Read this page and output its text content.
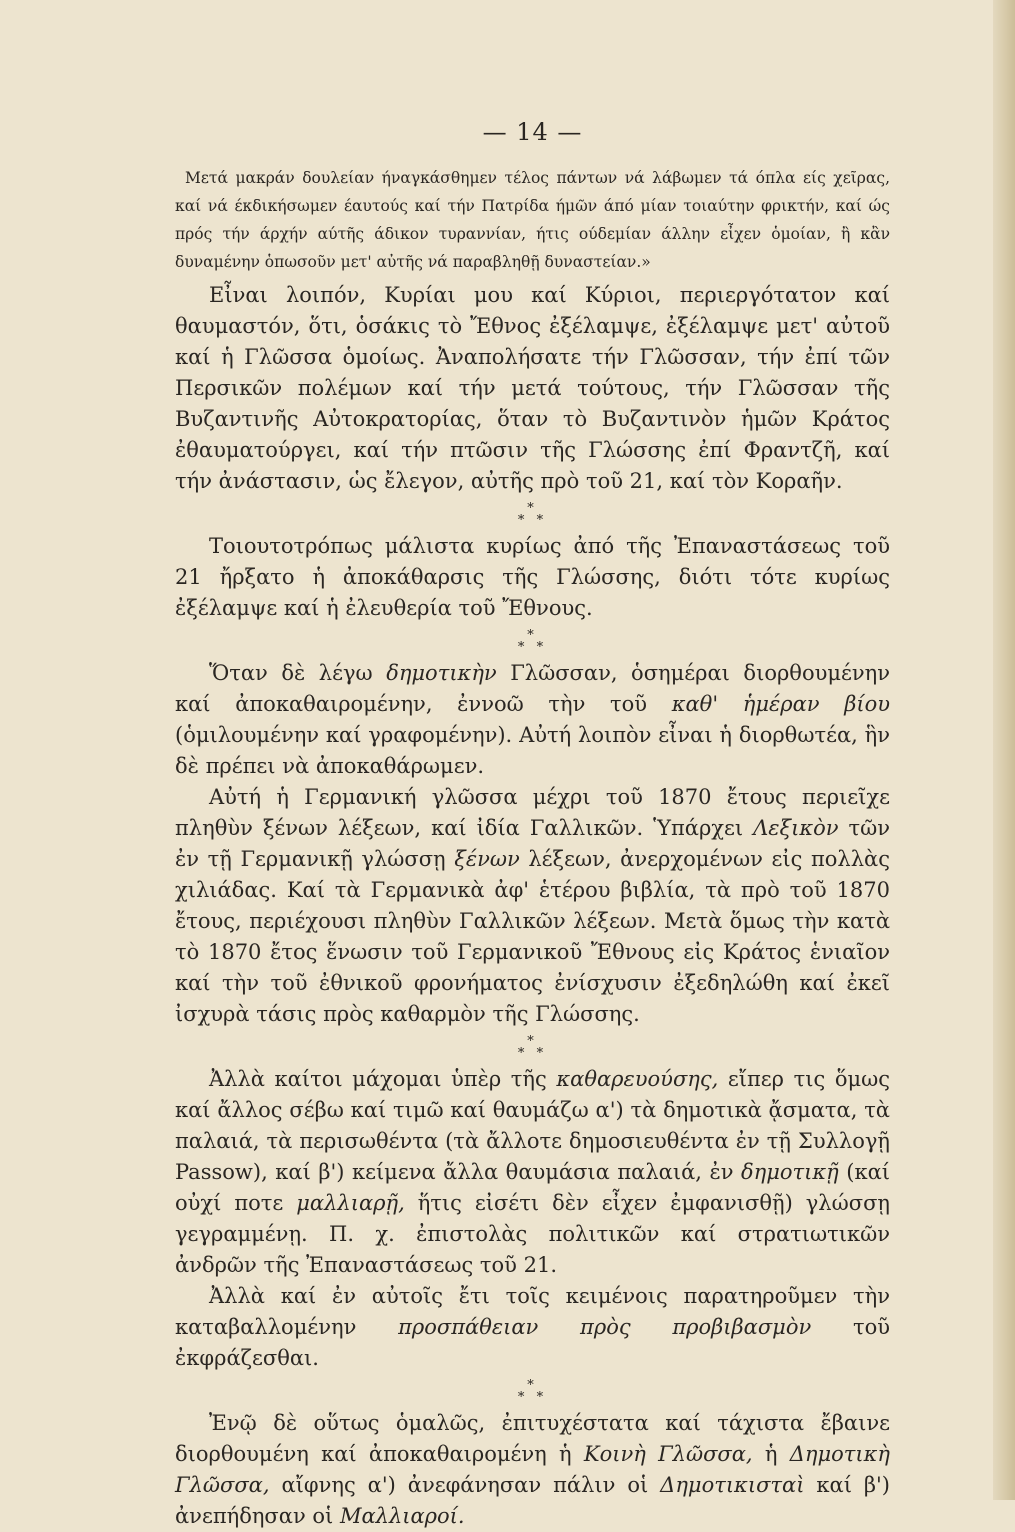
— 14 —

Μετά μακράν δουλείαν ήναγκάσθημεν τέλος πάντων νά λάβωμεν τά όπλα είς χεῖρας, καί νά έκδικήσωμεν έαυτούς καί τήν Πατρίδα ήμῶν άπό μίαν τοιαύτην φρικτήν, καί ώς πρός τήν άρχήν αύτῆς άδικον τυραννίαν, ήτις ούδεμίαν άλλην εἶχεν ὁμοίαν, ἢ κἂν δυναμένην ὁπωσοῦν μετ' αὐτῆς νά παραβληθῇ δυναστείαν.»

Εἶναι λοιπόν, Κυρίαι μου καί Κύριοι, περιεργότατον καί θαυμαστόν, ὅτι, ὁσάκις τὸ Ἔθνος ἐξέλαμψε, ἐξέλαμψε μετ' αὐτοῦ καί ἡ Γλῶσσα ὁμοίως. Ἀναπολήσατε τήν Γλῶσσαν, τήν ἐπί τῶν Περσικῶν πολέμων καί τήν μετά τούτους, τήν Γλῶσσαν τῆς Βυζαντινῆς Αὐτοκρατορίας, ὅταν τὸ Βυζαντινὸν ἡμῶν Κράτος ἐθαυματούργει, καί τήν πτῶσιν τῆς Γλώσσης ἐπί Φραντζῆ, καί τήν ἀνάστασιν, ὡς ἔλεγον, αὐτῆς πρὸ τοῦ 21, καί τὸν Κοραῆν.

*
* *

Τοιουτοτρόπως μάλιστα κυρίως ἀπό τῆς Ἐπαναστάσεως τοῦ 21 ἤρξατο ἡ ἀποκάθαρσις τῆς Γλώσσης, διότι τότε κυρίως ἐξέλαμψε καί ἡ ἐλευθερία τοῦ Ἔθνους.

*
* *

Ὅταν δὲ λέγω δημοτικὴν Γλῶσσαν, ὁσημέραι διορθουμένην καί ἀποκαθαιρομένην, ἐννοῶ τὴν τοῦ καθ' ἡμέραν βίου (ὁμιλουμένην καί γραφομένην). Αὐτή λοιπὸν εἶναι ἡ διορθωτέα, ἣν δὲ πρέπει νὰ ἀποκαθάρωμεν.

Αὐτή ἡ Γερμανική γλῶσσα μέχρι τοῦ 1870 ἔτους περιεῖχε πληθὺν ξένων λέξεων, καί ἰδία Γαλλικῶν. Ὑπάρχει Λεξικὸν τῶν ἐν τῇ Γερμανικῇ γλώσσῃ ξένων λέξεων, ἀνερχομένων εἰς πολλὰς χιλιάδας. Καί τὰ Γερμανικὰ ἀφ' ἑτέρου βιβλία, τὰ πρὸ τοῦ 1870 ἔτους, περιέχουσι πληθὺν Γαλλικῶν λέξεων. Μετὰ ὅμως τὴν κατὰ τὸ 1870 ἔτος ἕνωσιν τοῦ Γερμανικοῦ Ἔθνους εἰς Κράτος ἑνιαῖον καί τὴν τοῦ ἐθνικοῦ φρονήματος ἐνίσχυσιν ἐξεδηλώθη καί ἐκεῖ ἰσχυρὰ τάσις πρὸς καθαρμὸν τῆς Γλώσσης.

*
* *

Ἀλλὰ καίτοι μάχομαι ὑπὲρ τῆς καθαρευούσης, εἴπερ τις ὅμως καί ἄλλος σέβω καί τιμῶ καί θαυμάζω α') τὰ δημοτικὰ ᾄσματα, τὰ παλαιά, τὰ περισωθέντα (τὰ ἄλλοτε δημοσιευθέντα ἐν τῇ Συλλογῇ Passow), καί β') κείμενα ἄλλα θαυμάσια παλαιά, ἐν δημοτικῇ (καί οὐχί ποτε μαλλιαρῇ, ἥτις εἰσέτι δὲν εἶχεν ἐμφανισθῇ) γλώσσῃ γεγραμμένῃ. Π. χ. ἐπιστολὰς πολιτικῶν καί στρατιωτικῶν ἀνδρῶν τῆς Ἐπαναστάσεως τοῦ 21.

Ἀλλὰ καί ἐν αὐτοῖς ἔτι τοῖς κειμένοις παρατηροῦμεν τὴν καταβαλλομένην προσπάθειαν πρὸς προβιβασμὸν τοῦ ἐκφράζεσθαι.

*
* *

Ἐνῷ δὲ οὕτως ὁμαλῶς, ἐπιτυχέστατα καί τάχιστα ἔβαινε διορθουμένη καί ἀποκαθαιρομένη ἡ Κοινὴ Γλῶσσα, ἡ Δημοτικὴ Γλῶσσα, αἴφνης α') ἀνεφάνησαν πάλιν οἱ Δημοτικισταὶ καί β') ἀνεπήδησαν οἱ Μαλλιαροί.
